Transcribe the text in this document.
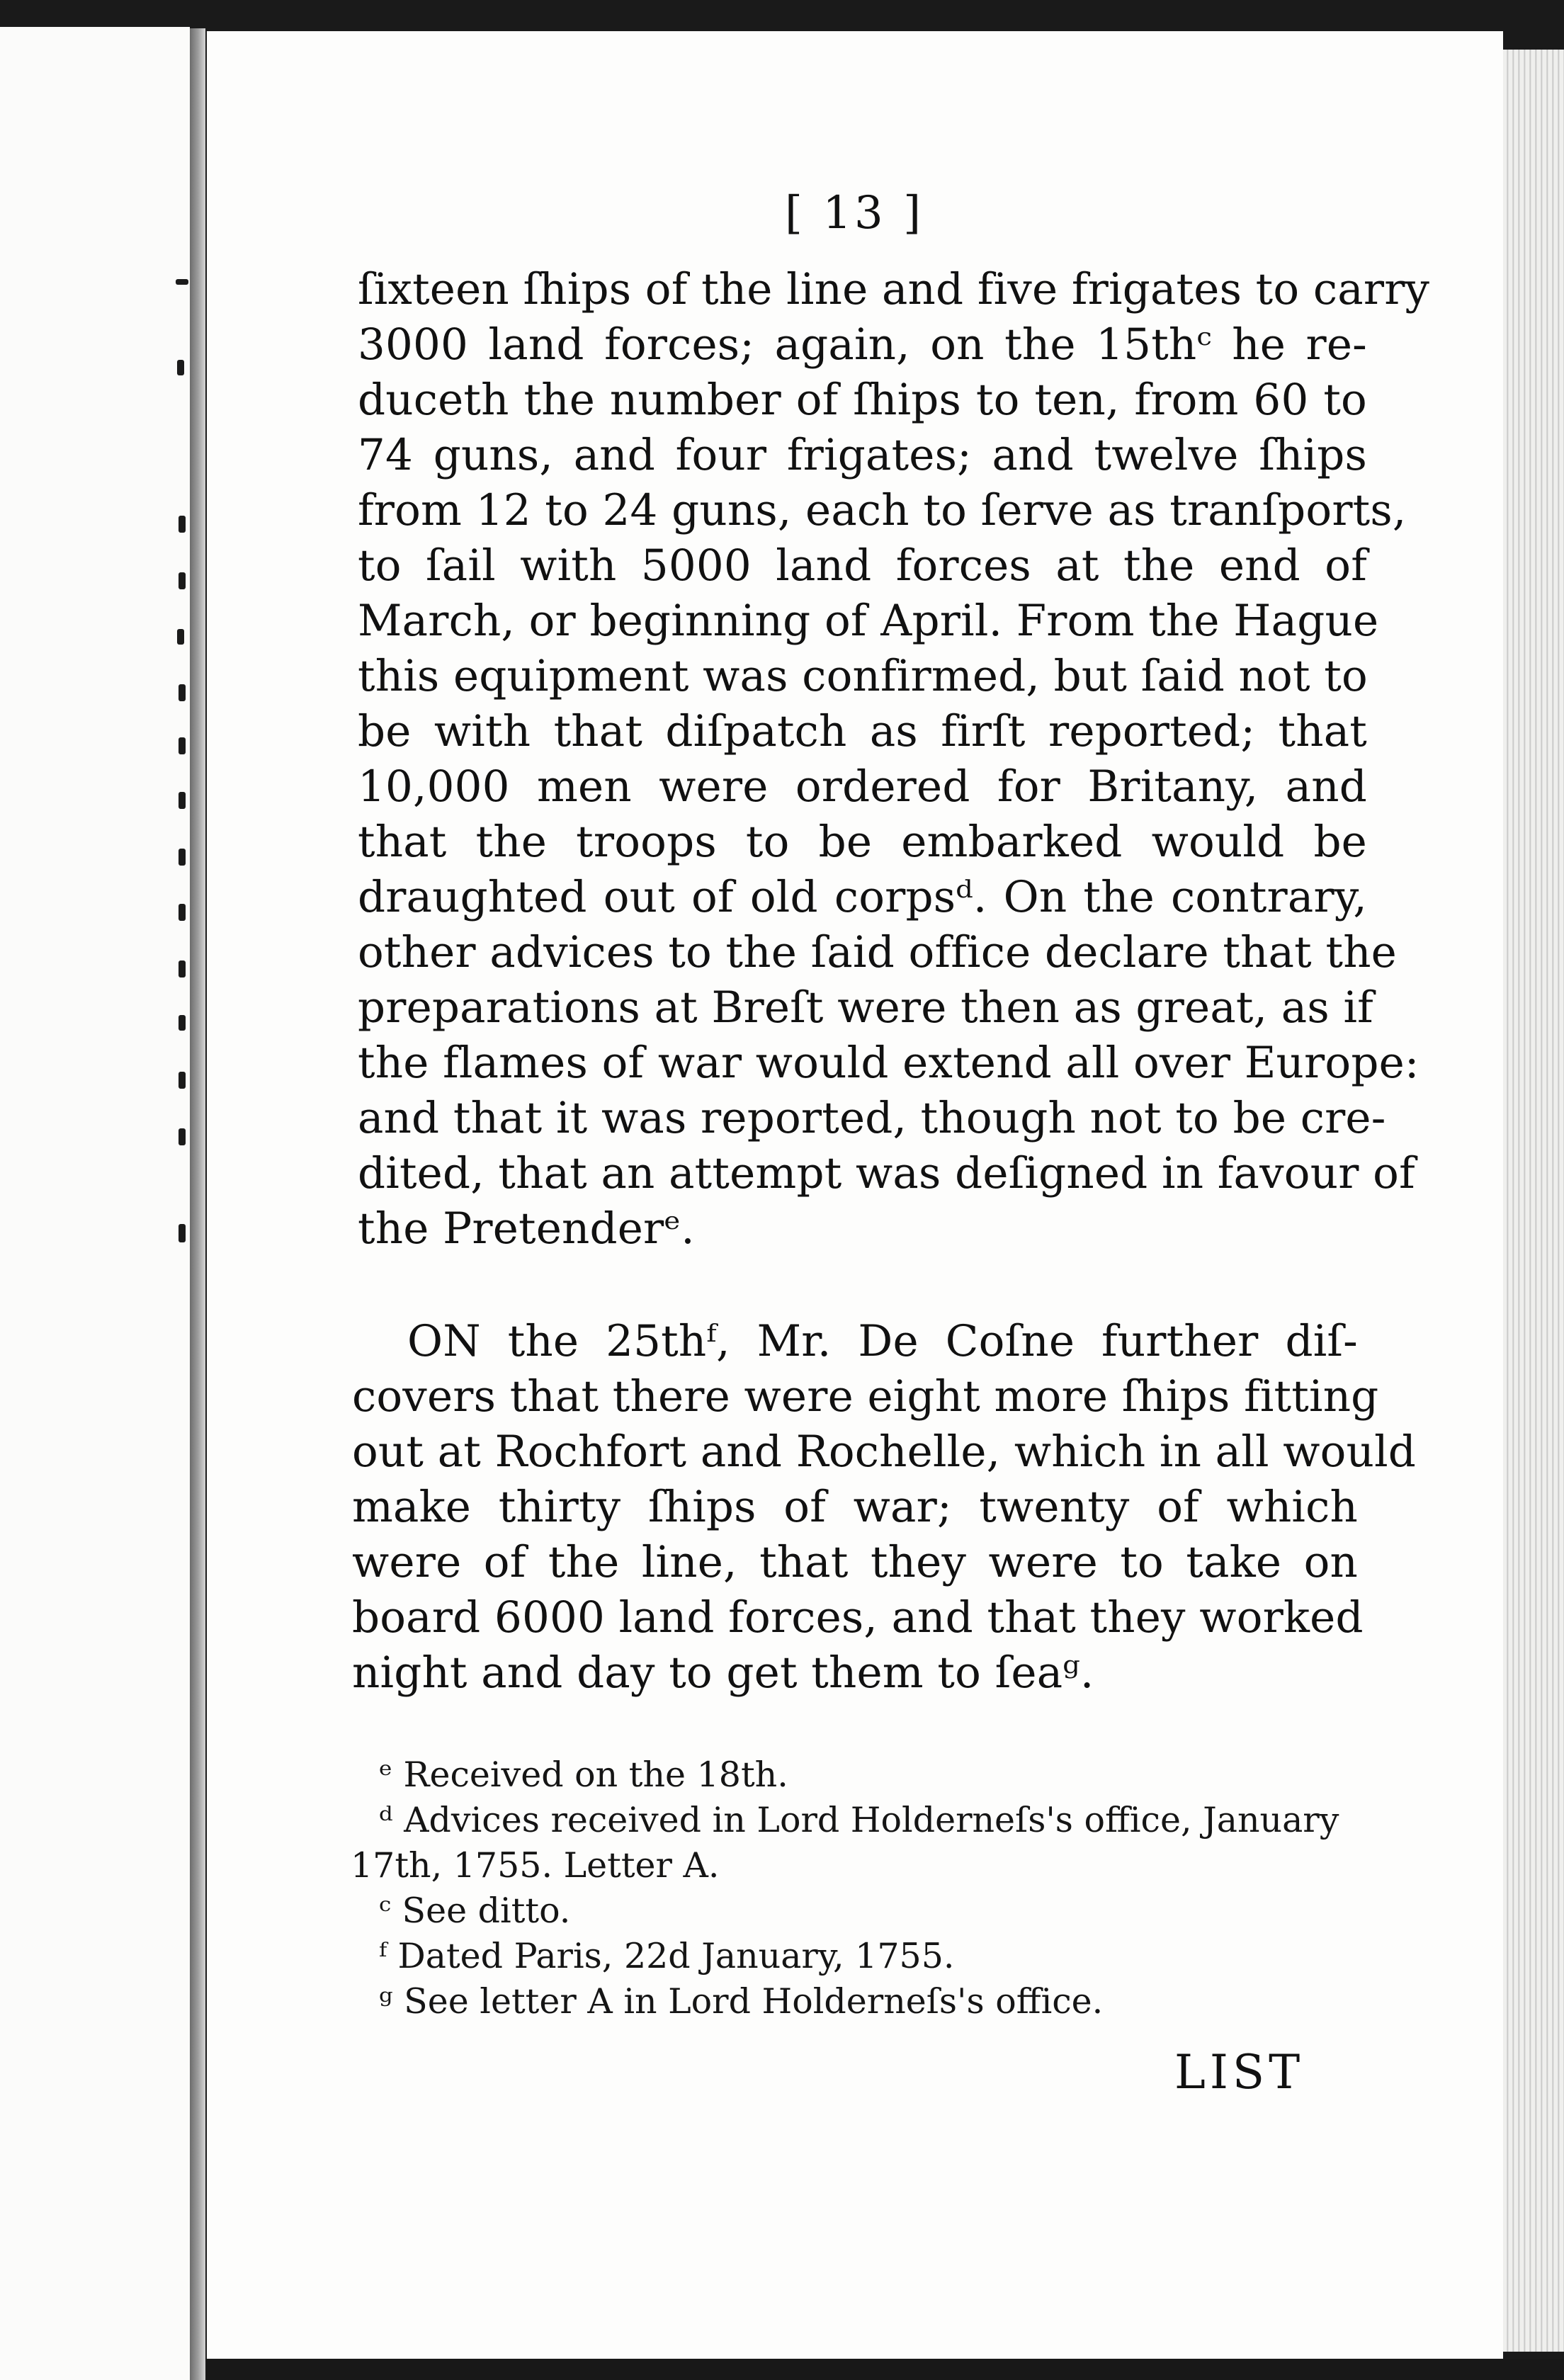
[ 13 ]
ſixteen ſhips of the line and five frigates to carry
3000 land forces; again, on the 15thᶜ he re-
duceth the number of ſhips to ten, from 60 to
74 guns, and four frigates; and twelve ſhips
from 12 to 24 guns, each to ſerve as tranſports,
to ſail with 5000 land forces at the end of
March, or beginning of April. From the Hague
this equipment was confirmed, but ſaid not to
be with that diſpatch as firſt reported; that
10,000 men were ordered for Britany, and
that the troops to be embarked would be
draughted out of old corpsᵈ. On the contrary,
other advices to the ſaid office declare that the
preparations at Breſt were then as great, as if
the flames of war would extend all over Europe:
and that it was reported, though not to be cre-
dited, that an attempt was deſigned in favour of
the Pretenderᵉ.
ON the 25thᶠ, Mr. De Coſne further diſ-
covers that there were eight more ſhips fitting
out at Rochfort and Rochelle, which in all would
make thirty ſhips of war; twenty of which
were of the line, that they were to take on
board 6000 land forces, and that they worked
night and day to get them to ſeaᵍ.
ᵉ Received on the 18th.
ᵈ Advices received in Lord Holderneſs's office, January
17th, 1755. Letter A.
ᶜ See ditto.
ᶠ Dated Paris, 22d January, 1755.
ᵍ See letter A in Lord Holderneſs's office.
LIST
